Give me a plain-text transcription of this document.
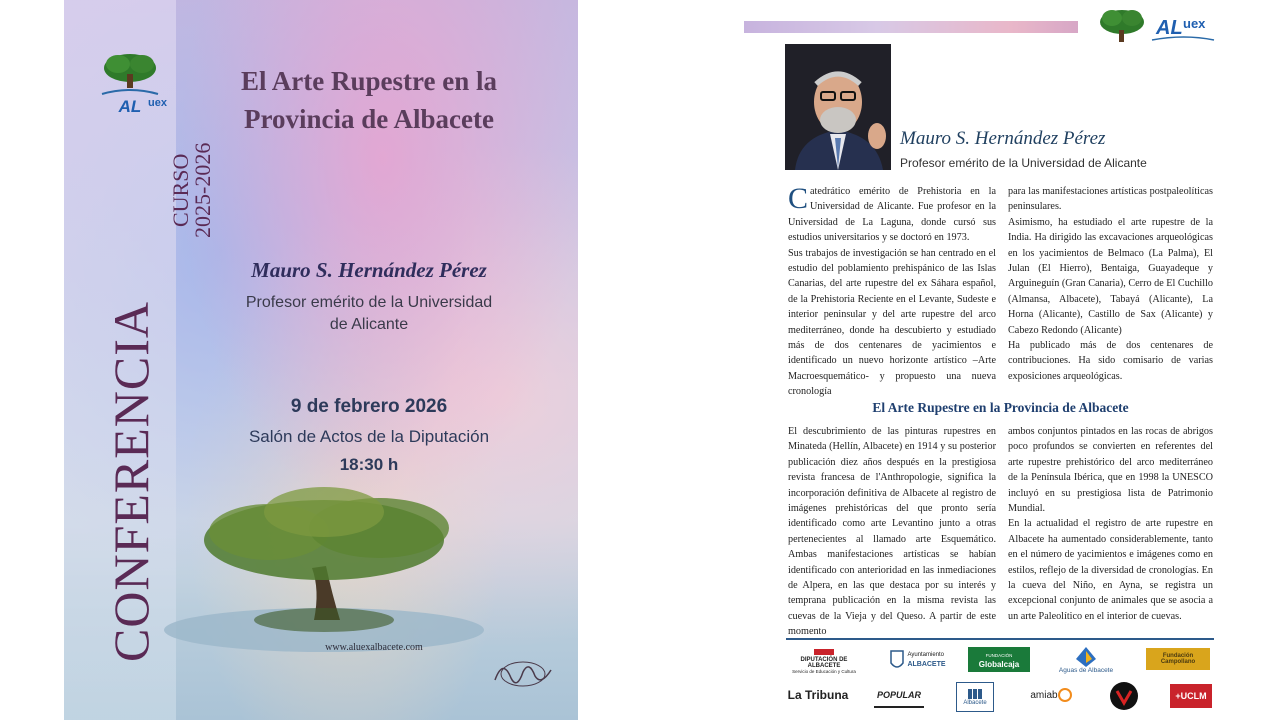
AL uex
CURSO
2025-2026
CONFERENCIA
El Arte Rupestre en la
Provincia de Albacete
Mauro S. Hernández Pérez
Profesor emérito de la Universidad
de Alicante
9 de febrero 2026
Salón de Actos de la Diputación
18:30 h
www.aluexalbacete.com
AL uex
Mauro S. Hernández Pérez
Profesor emérito de la Universidad de Alicante

Catedrático emérito de Prehistoria en la Universidad de Alicante. Fue profesor en la Universidad de La Laguna, donde cursó sus estudios universitarios y se doctoró en 1973.

Sus trabajos de investigación se han centrado en el estudio del poblamiento prehispánico de las Islas Canarias, del arte rupestre del ex Sáhara español, de la Prehistoria Reciente en el Levante, Sudeste e interior peninsular y del arte rupestre del arco mediterráneo, donde ha descubierto y estudiado más de dos centenares de yacimientos e identificado un nuevo horizonte artístico –Arte Macroesquemático- y propuesto una nueva cronología

para las manifestaciones artísticas postpaleolíticas peninsulares.

Asimismo, ha estudiado el arte rupestre de la India. Ha dirigido las excavaciones arqueológicas en los yacimientos de Belmaco (La Palma), El Julan (El Hierro), Bentaiga, Guayadeque y Arguineguín (Gran Canaria), Cerro de El Cuchillo (Almansa, Albacete), Tabayá (Alicante), La Horna (Alicante), Castillo de Sax (Alicante) y Cabezo Redondo (Alicante)

Ha publicado más de dos centenares de contribuciones. Ha sido comisario de varias exposiciones arqueológicas.

El Arte Rupestre en la Provincia de Albacete

El descubrimiento de las pinturas rupestres en Minateda (Hellín, Albacete) en 1914 y su posterior publicación diez años después en la prestigiosa revista francesa de l'Anthropologie, significa la incorporación definitiva de Albacete al registro de imágenes prehistóricas del que pronto sería identificado como arte Levantino junto a otras pertenecientes al llamado arte Esquemático. Ambas manifestaciones artísticas se habían identificado con anterioridad en las inmediaciones de Alpera, en las que destaca por su interés y temprana publicación en la misma revista las cuevas de la Vieja y del Queso. A partir de este momento

ambos conjuntos pintados en las rocas de abrigos poco profundos se convierten en referentes del arte rupestre prehistórico del arco mediterráneo de la Península Ibérica, que en 1998 la UNESCO incluyó en su prestigiosa lista de Patrimonio Mundial.

En la actualidad el registro de arte rupestre en Albacete ha aumentado considerablemente, tanto en el número de yacimientos e imágenes como en estilos, reflejo de la diversidad de cronologías. En la cueva del Niño, en Ayna, se registra un excepcional conjunto de animales que se asocia a un arte Paleolítico en el interior de cuevas.

DIPUTACIÓN DE ALBACETE
Servicio de Educación y Cultura
Ayuntamiento
ALBACETE
FUNDACIÓN
Globalcaja
Aguas de Albacete
Fundación Campollano
La Tribuna	POPULAR
Albacete
amiab	+UCLM
